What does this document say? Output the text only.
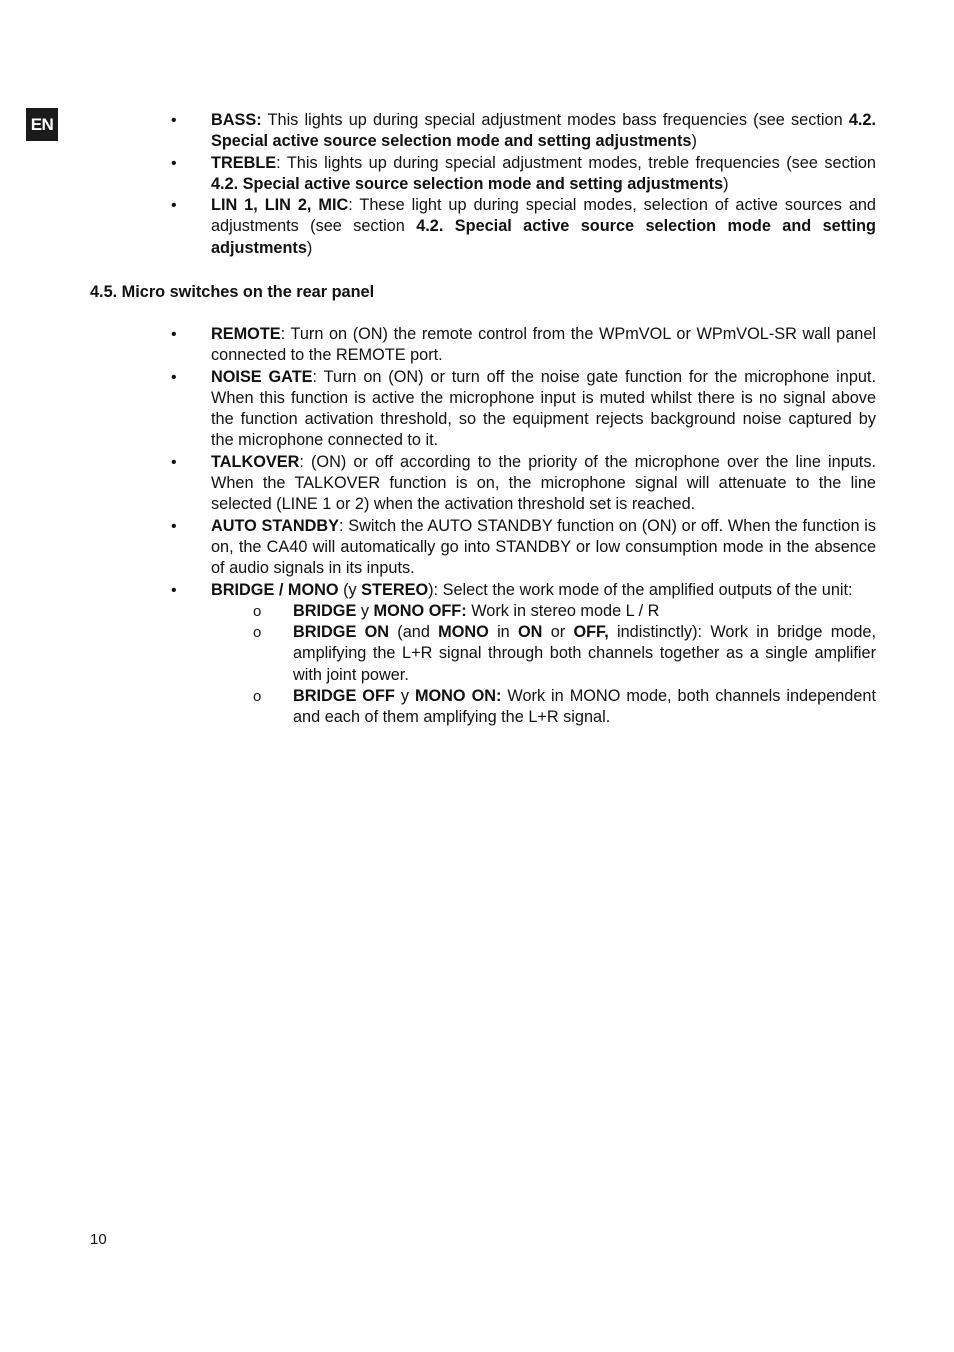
EN
•	BASS: This lights up during special adjustment modes bass frequencies (see section 4.2. Special active source selection mode and setting adjustments)
• TREBLE: This lights up during special adjustment modes, treble frequencies (see section 4.2. Special active source selection mode and setting adjustments)
• LIN 1, LIN 2, MIC: These light up during special modes, selection of active sources and adjustments (see section 4.2. Special active source selection mode and setting adjustments)
4.5. Micro switches on the rear panel
• REMOTE: Turn on (ON) the remote control from the WPmVOL or WPmVOL-SR wall panel connected to the REMOTE port.
• NOISE GATE: Turn on (ON) or turn off the noise gate function for the microphone input. When this function is active the microphone input is muted whilst there is no signal above the function activation threshold, so the equipment rejects background noise captured by the microphone connected to it.
• TALKOVER: (ON) or off according to the priority of the microphone over the line inputs. When the TALKOVER function is on, the microphone signal will attenuate to the line selected (LINE 1 or 2) when the activation threshold set is reached.
• AUTO STANDBY: Switch the AUTO STANDBY function on (ON) or off. When the function is on, the CA40 will automatically go into STANDBY or low consumption mode in the absence of audio signals in its inputs.
• BRIDGE / MONO (y STEREO): Select the work mode of the amplified outputs of the unit:
o BRIDGE y MONO OFF: Work in stereo mode L / R
o BRIDGE ON (and MONO in ON or OFF, indistinctly): Work in bridge mode, amplifying the L+R signal through both channels together as a single amplifier with joint power.
o BRIDGE OFF y MONO ON: Work in MONO mode, both channels independent and each of them amplifying the L+R signal.
10
